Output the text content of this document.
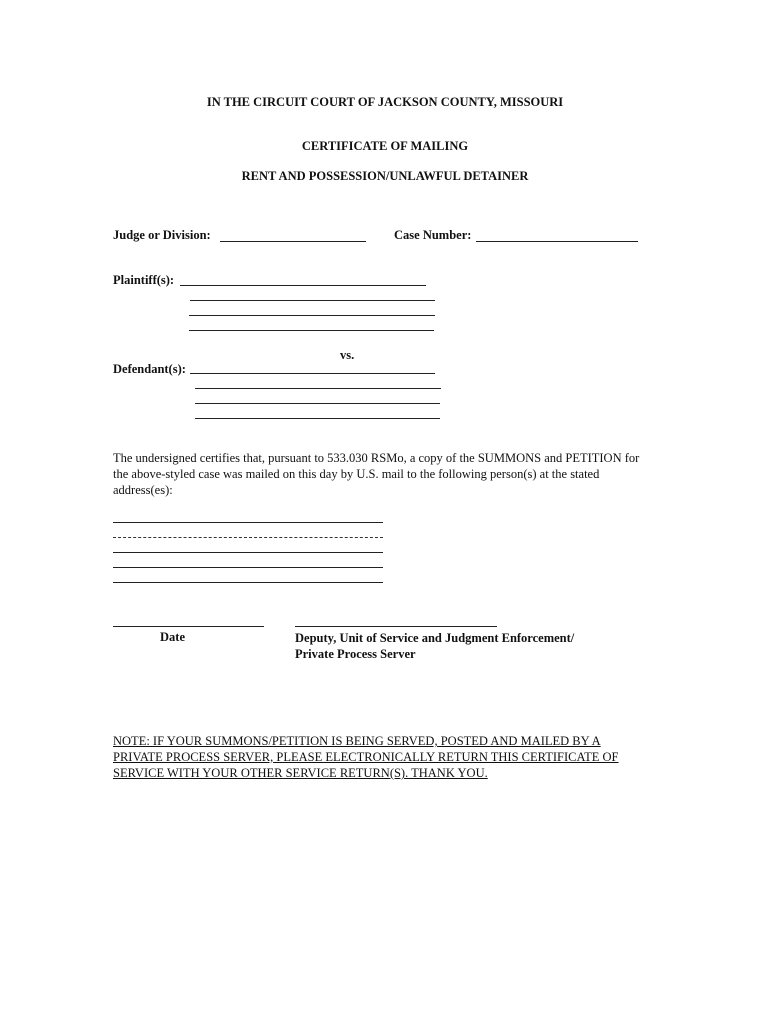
IN THE CIRCUIT COURT OF JACKSON COUNTY, MISSOURI
CERTIFICATE OF MAILING
RENT AND POSSESSION/UNLAWFUL DETAINER
Judge or Division:	Case Number:
Plaintiff(s):
vs.
Defendant(s):
The undersigned certifies that, pursuant to 533.030 RSMo, a copy of the SUMMONS and PETITION for
the above-styled case was mailed on this day by U.S. mail to the following person(s) at the stated
address(es):
Date	Deputy, Unit of Service and Judgment Enforcement/
Private Process Server
NOTE: IF YOUR SUMMONS/PETITION IS BEING SERVED, POSTED AND MAILED BY A
PRIVATE PROCESS SERVER, PLEASE ELECTRONICALLY RETURN THIS CERTIFICATE OF
SERVICE WITH YOUR OTHER SERVICE RETURN(S). THANK YOU.
